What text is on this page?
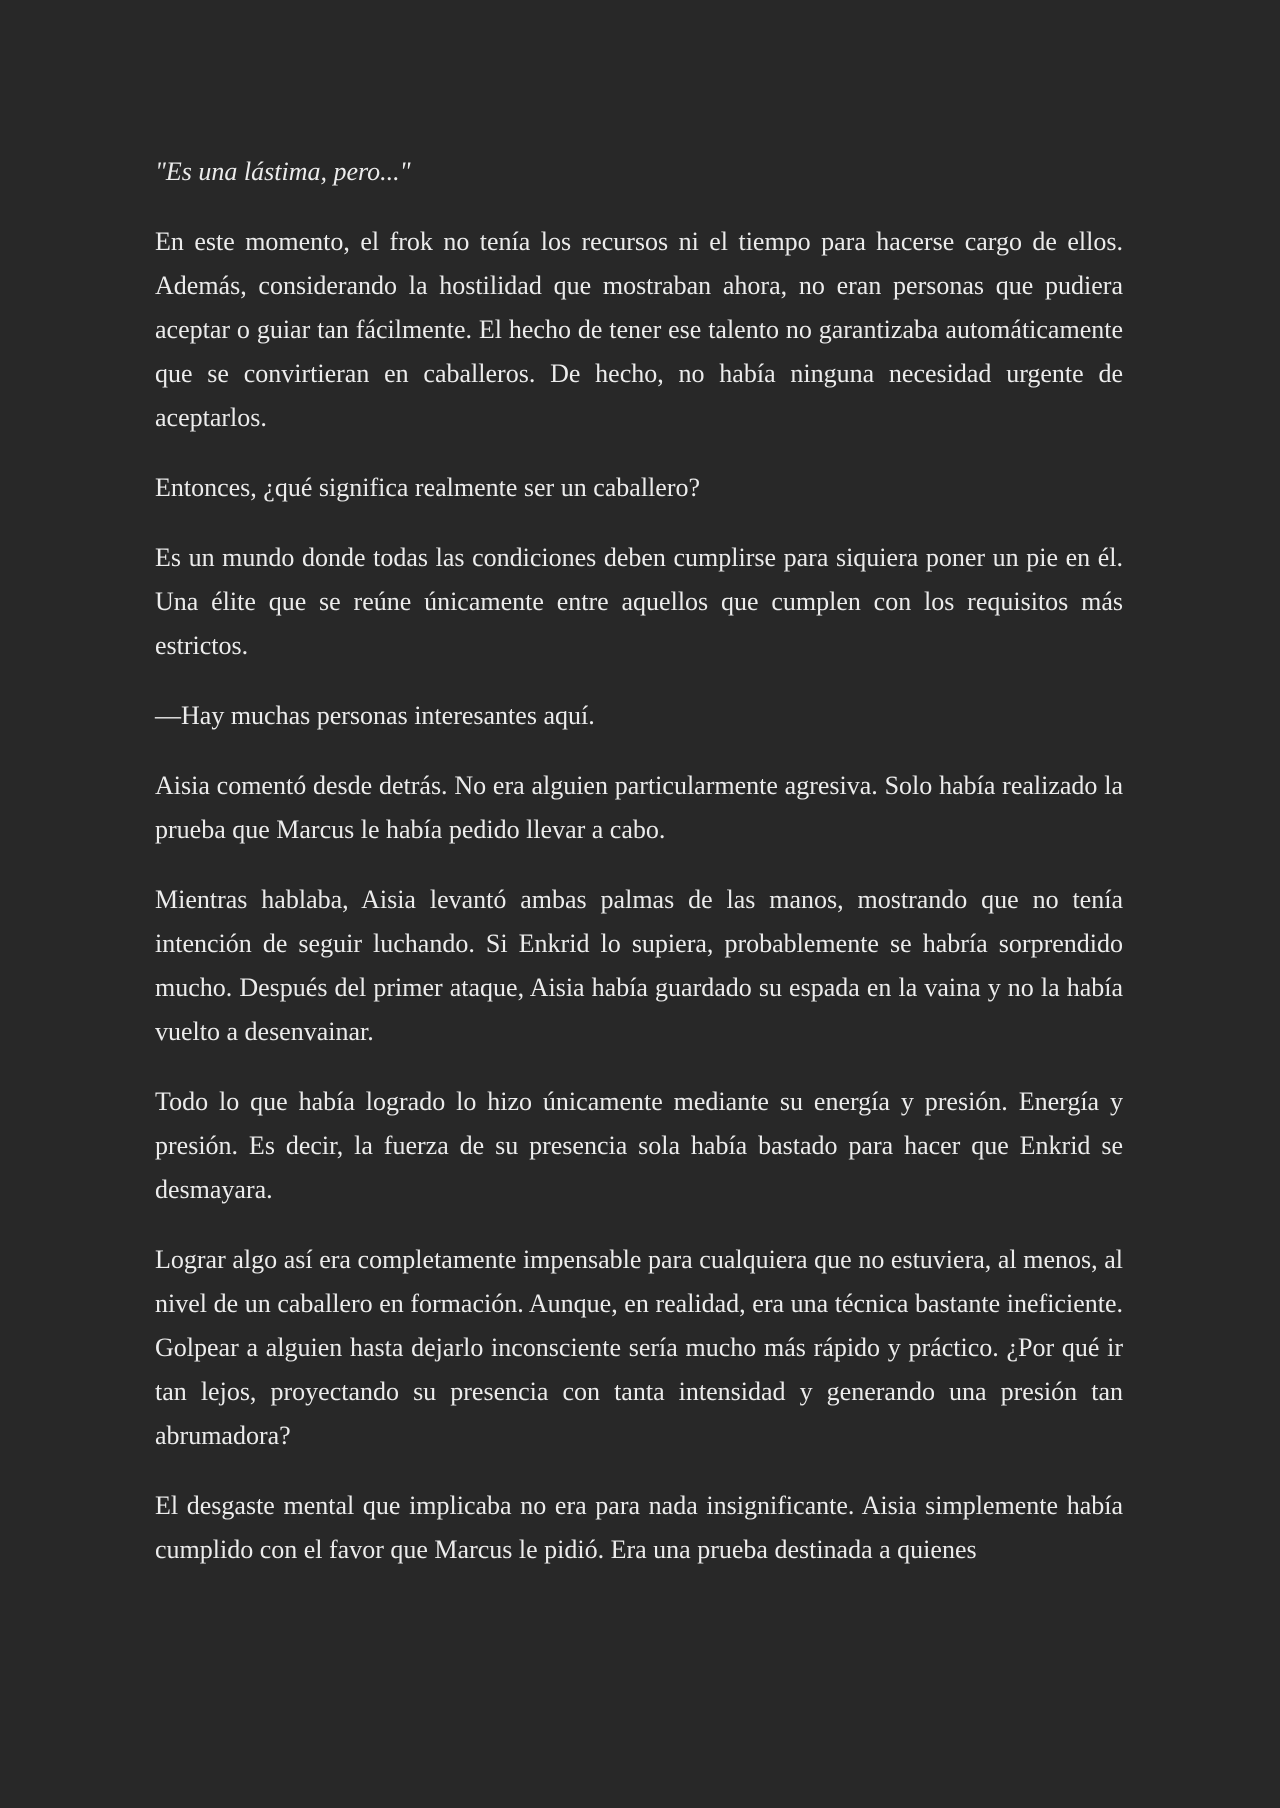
"Es una lástima, pero..."

En este momento, el frok no tenía los recursos ni el tiempo para hacerse cargo de ellos. Además, considerando la hostilidad que mostraban ahora, no eran personas que pudiera aceptar o guiar tan fácilmente. El hecho de tener ese talento no garantizaba automáticamente que se convirtieran en caballeros. De hecho, no había ninguna necesidad urgente de aceptarlos.

Entonces, ¿qué significa realmente ser un caballero?

Es un mundo donde todas las condiciones deben cumplirse para siquiera poner un pie en él. Una élite que se reúne únicamente entre aquellos que cumplen con los requisitos más estrictos.

—Hay muchas personas interesantes aquí.

Aisia comentó desde detrás. No era alguien particularmente agresiva. Solo había realizado la prueba que Marcus le había pedido llevar a cabo.

Mientras hablaba, Aisia levantó ambas palmas de las manos, mostrando que no tenía intención de seguir luchando. Si Enkrid lo supiera, probablemente se habría sorprendido mucho. Después del primer ataque, Aisia había guardado su espada en la vaina y no la había vuelto a desenvainar.

Todo lo que había logrado lo hizo únicamente mediante su energía y presión. Energía y presión. Es decir, la fuerza de su presencia sola había bastado para hacer que Enkrid se desmayara.

Lograr algo así era completamente impensable para cualquiera que no estuviera, al menos, al nivel de un caballero en formación. Aunque, en realidad, era una técnica bastante ineficiente. Golpear a alguien hasta dejarlo inconsciente sería mucho más rápido y práctico. ¿Por qué ir tan lejos, proyectando su presencia con tanta intensidad y generando una presión tan abrumadora?

El desgaste mental que implicaba no era para nada insignificante. Aisia simplemente había cumplido con el favor que Marcus le pidió. Era una prueba destinada a quienes
